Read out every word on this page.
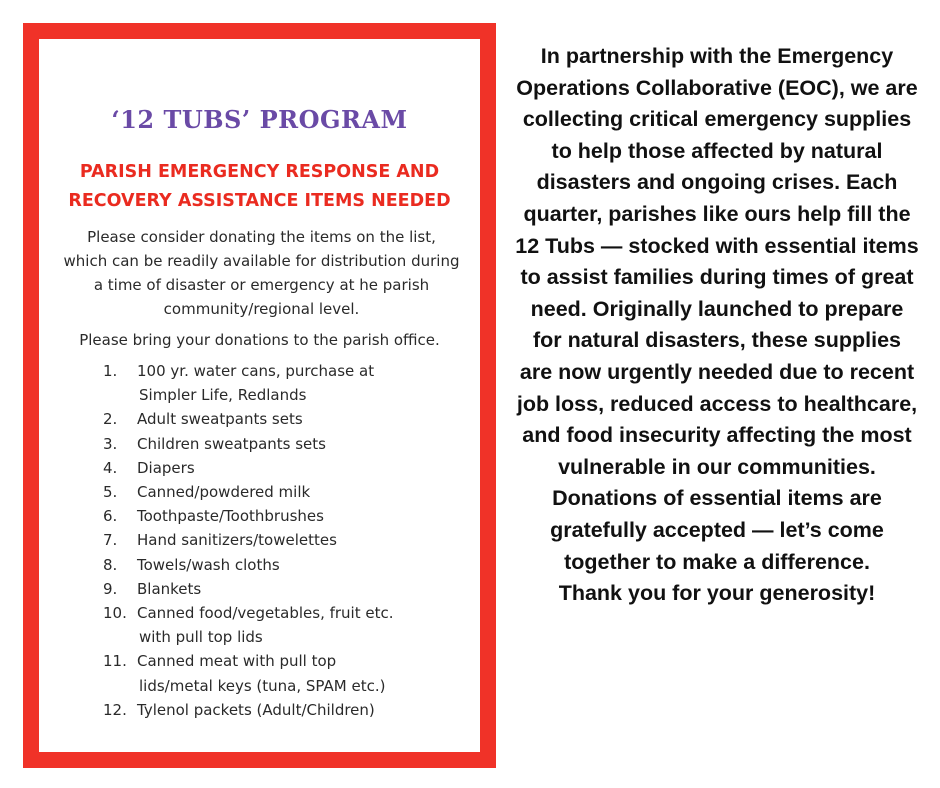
‘12 TUBS’ PROGRAM
PARISH EMERGENCY RESPONSE AND
RECOVERY ASSISTANCE ITEMS NEEDED
Please consider donating the items on the list, which can be readily available for distribution during a time of disaster or emergency at he parish community/regional level.
Please bring your donations to the parish office.
1. 100 yr. water cans, purchase at
Simpler Life, Redlands
2. Adult sweatpants sets
3. Children sweatpants sets
4. Diapers
5. Canned/powdered milk
6. Toothpaste/Toothbrushes
7. Hand sanitizers/towelettes
8. Towels/wash cloths
9. Blankets
10. Canned food/vegetables, fruit etc.
with pull top lids
11. Canned meat with pull top
lids/metal keys (tuna, SPAM etc.)
12. Tylenol packets (Adult/Children)

In partnership with the Emergency Operations Collaborative (EOC), we are collecting critical emergency supplies to help those affected by natural disasters and ongoing crises. Each quarter, parishes like ours help fill the 12 Tubs — stocked with essential items to assist families during times of great need. Originally launched to prepare for natural disasters, these supplies are now urgently needed due to recent job loss, reduced access to healthcare, and food insecurity affecting the most vulnerable in our communities. Donations of essential items are gratefully accepted — let’s come together to make a difference.

Thank you for your generosity!
